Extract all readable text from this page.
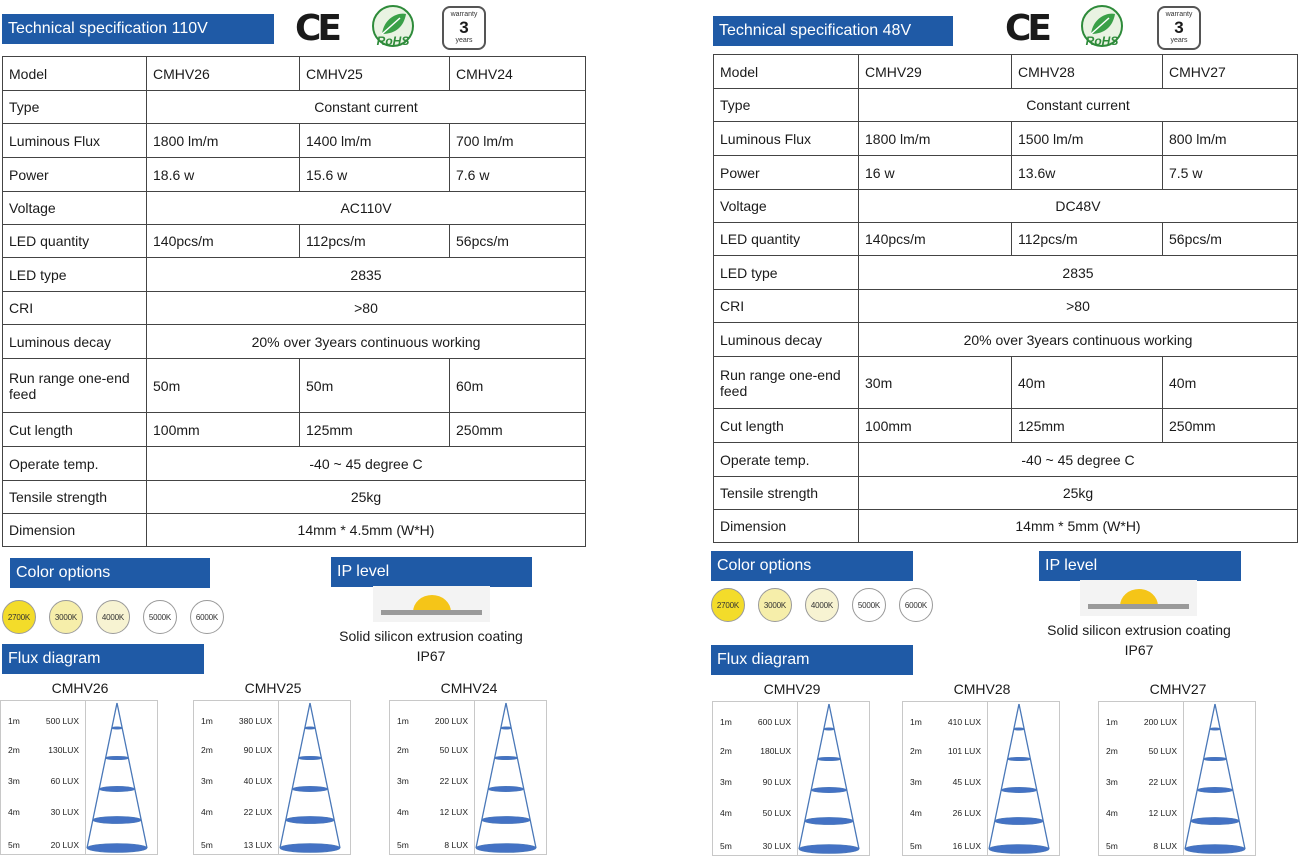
Technical specification 110V	CE	RoHS
warranty
3
years
Model	CMHV26	CMHV25	CMHV24
Type	Constant current		
Luminous Flux	1800 lm/m	1400 lm/m	700 lm/m
Power	18.6 w	15.6 w	7.6 w
Voltage	AC110V		
LED quantity	140pcs/m	112pcs/m	56pcs/m
LED type	2835		
CRI	>80		
Luminous decay	20% over 3years continuous working		
Run range one-end feed	50m	50m	60m
Cut length	100mm	125mm	250mm
Operate temp.	-40 ~ 45 degree C		
Tensile strength	25kg		
Dimension	14mm * 4.5mm (W*H)		
Color options
2700K	3000K	4000K	5000K	6000K
IP level
Solid silicon extrusion coating
IP67
Flux diagram
CMHV26
1m	500 LUX
2m	130LUX
3m	60 LUX
4m	30 LUX
5m	20 LUX
CMHV25
1m	380 LUX
2m	90 LUX
3m	40 LUX
4m	22 LUX
5m	13 LUX
CMHV24
1m	200 LUX
2m	50 LUX
3m	22 LUX
4m	12 LUX
5m	8 LUX
Technical specification 48V	CE	RoHS
warranty
3
years
Model	CMHV29	CMHV28	CMHV27
Type	Constant current		
Luminous Flux	1800 lm/m	1500 lm/m	800 lm/m
Power	16 w	13.6w	7.5 w
Voltage	DC48V		
LED quantity	140pcs/m	112pcs/m	56pcs/m
LED type	2835		
CRI	>80		
Luminous decay	20% over 3years continuous working		
Run range one-end feed	30m	40m	40m
Cut length	100mm	125mm	250mm
Operate temp.	-40 ~ 45 degree C		
Tensile strength	25kg		
Dimension	14mm * 5mm (W*H)		
Color options
2700K	3000K	4000K	5000K	6000K
IP level
Solid silicon extrusion coating
IP67
Flux diagram
CMHV29
1m	600 LUX
2m	180LUX
3m	90 LUX
4m	50 LUX
5m	30 LUX
CMHV28
1m	410 LUX
2m	101 LUX
3m	45 LUX
4m	26 LUX
5m	16 LUX
CMHV27
1m	200 LUX
2m	50 LUX
3m	22 LUX
4m	12 LUX
5m	8 LUX
